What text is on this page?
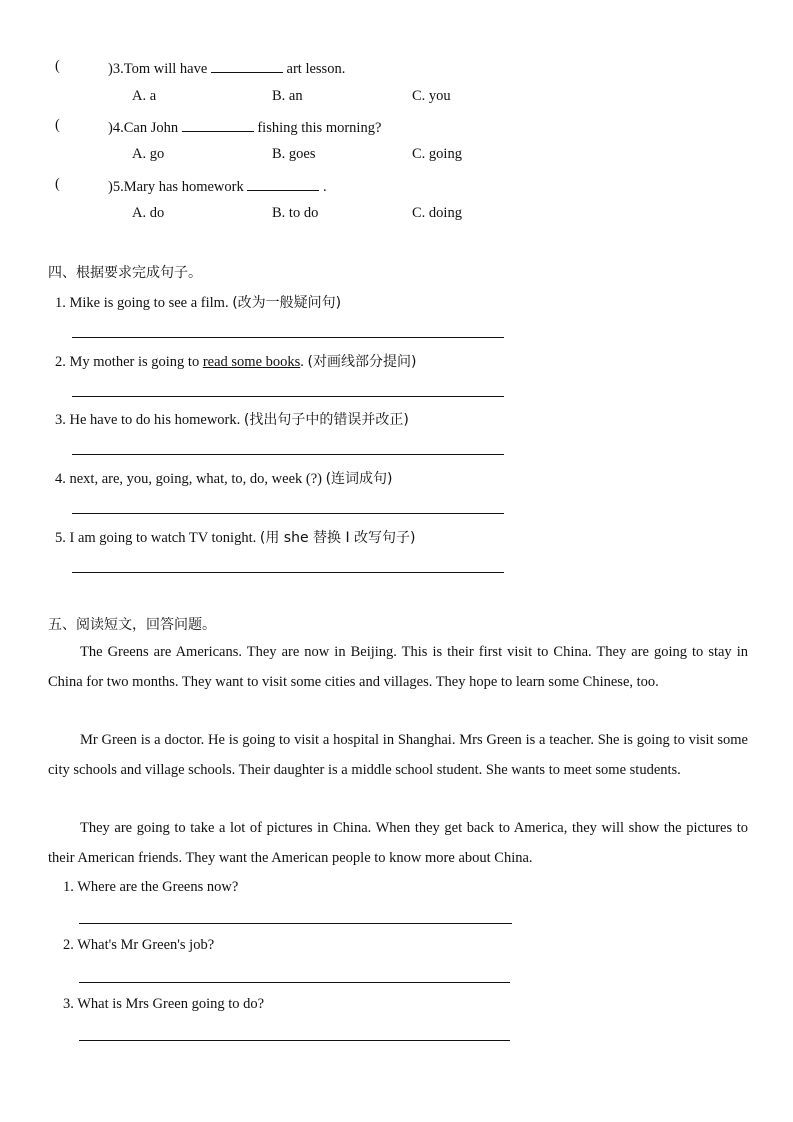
(	)3.Tom will have	art lesson.
A. a	B. an	C. you
(	)4.Can John	fishing this morning?
A. go	B. goes	C. going
(	)5.Mary has homework	.
A. do	B. to do	C. doing
四、根据要求完成句子。
1. Mike is going to see a film. (改为一般疑问句)
2. My mother is going to read some books. (对画线部分提问)
3. He have to do his homework. (找出句子中的错误并改正)
4. next, are, you, going, what, to, do, week (?) (连词成句)
5. I am going to watch TV tonight. (用 she 替换 I 改写句子)
五、阅读短文，回答问题。
The Greens are Americans. They are now in Beijing. This is their first visit to China. They are going to stay in China for two months. They want to visit some cities and villages. They hope to learn some Chinese, too.
Mr Green is a doctor. He is going to visit a hospital in Shanghai. Mrs Green is a teacher. She is going to visit some city schools and village schools. Their daughter is a middle school student. She wants to meet some students.
They are going to take a lot of pictures in China. When they get back to America, they will show the pictures to their American friends. They want the American people to know more about China.
1. Where are the Greens now?
2. What's Mr Green's job?
3. What is Mrs Green going to do?
